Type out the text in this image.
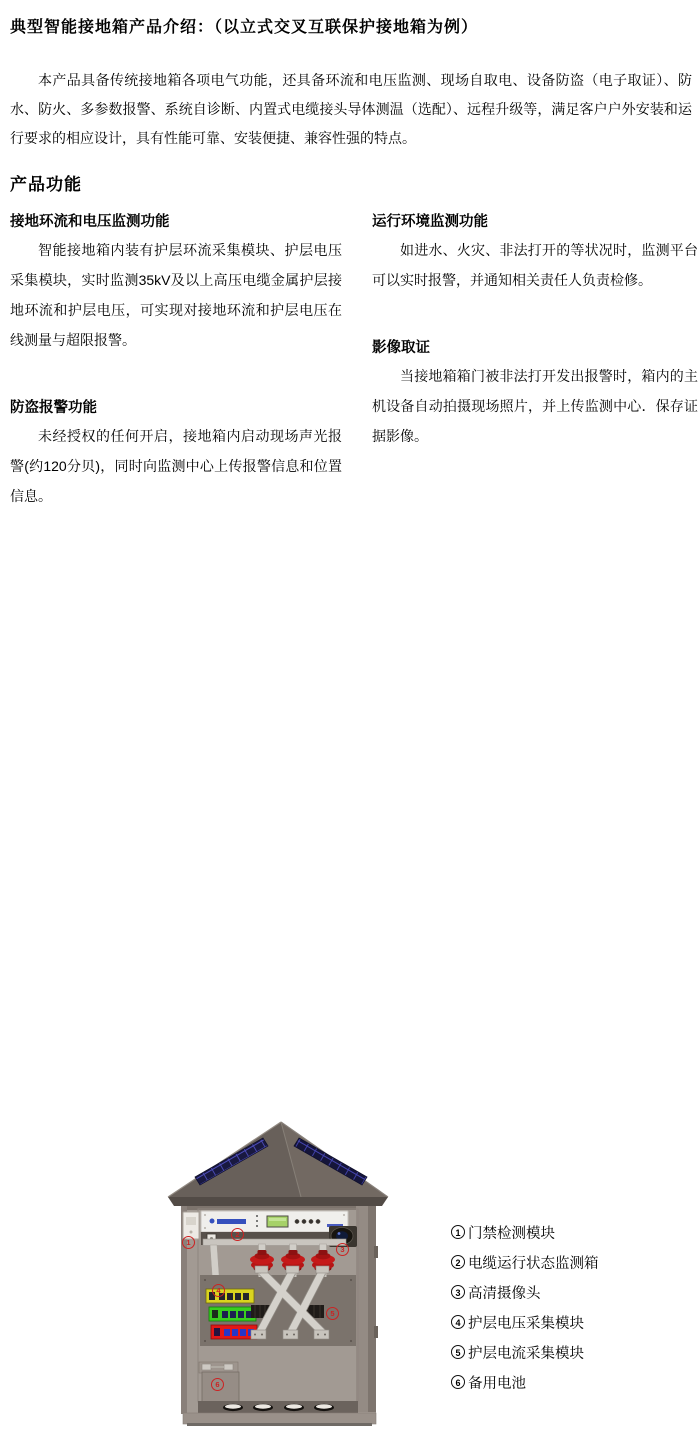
典型智能接地箱产品介绍：（以立式交叉互联保护接地箱为例）

本产品具备传统接地箱各项电气功能，还具备环流和电压监测、现场自取电、设备防盗（电子取证）、防水、防火、多参数报警、系统自诊断、内置式电缆接头导体测温（选配）、远程升级等，满足客户户外安装和运行要求的相应设计，具有性能可靠、安装便捷、兼容性强的特点。

产品功能
接地环流和电压监测功能

智能接地箱内装有护层环流采集模块、护层电压采集模块，实时监测35kV及以上高压电缆金属护层接地环流和护层电压，可实现对接地环流和护层电压在线测量与超限报警。

防盗报警功能

未经授权的任何开启，接地箱内启动现场声光报警(约120分贝)，同时向监测中心上传报警信息和位置信息。

运行环境监测功能

如进水、火灾、非法打开的等状况时，监测平台可以实时报警，并通知相关责任人负责检修。

影像取证

当接地箱箱门被非法打开发出报警时，箱内的主机设备自动拍摄现场照片，并上传监测中心．保存证据影像。

1
2
3
4
5
6
1 门禁检测模块
2 电缆运行状态监测箱
3 高清摄像头
4 护层电压采集模块
5 护层电流采集模块
6 备用电池
